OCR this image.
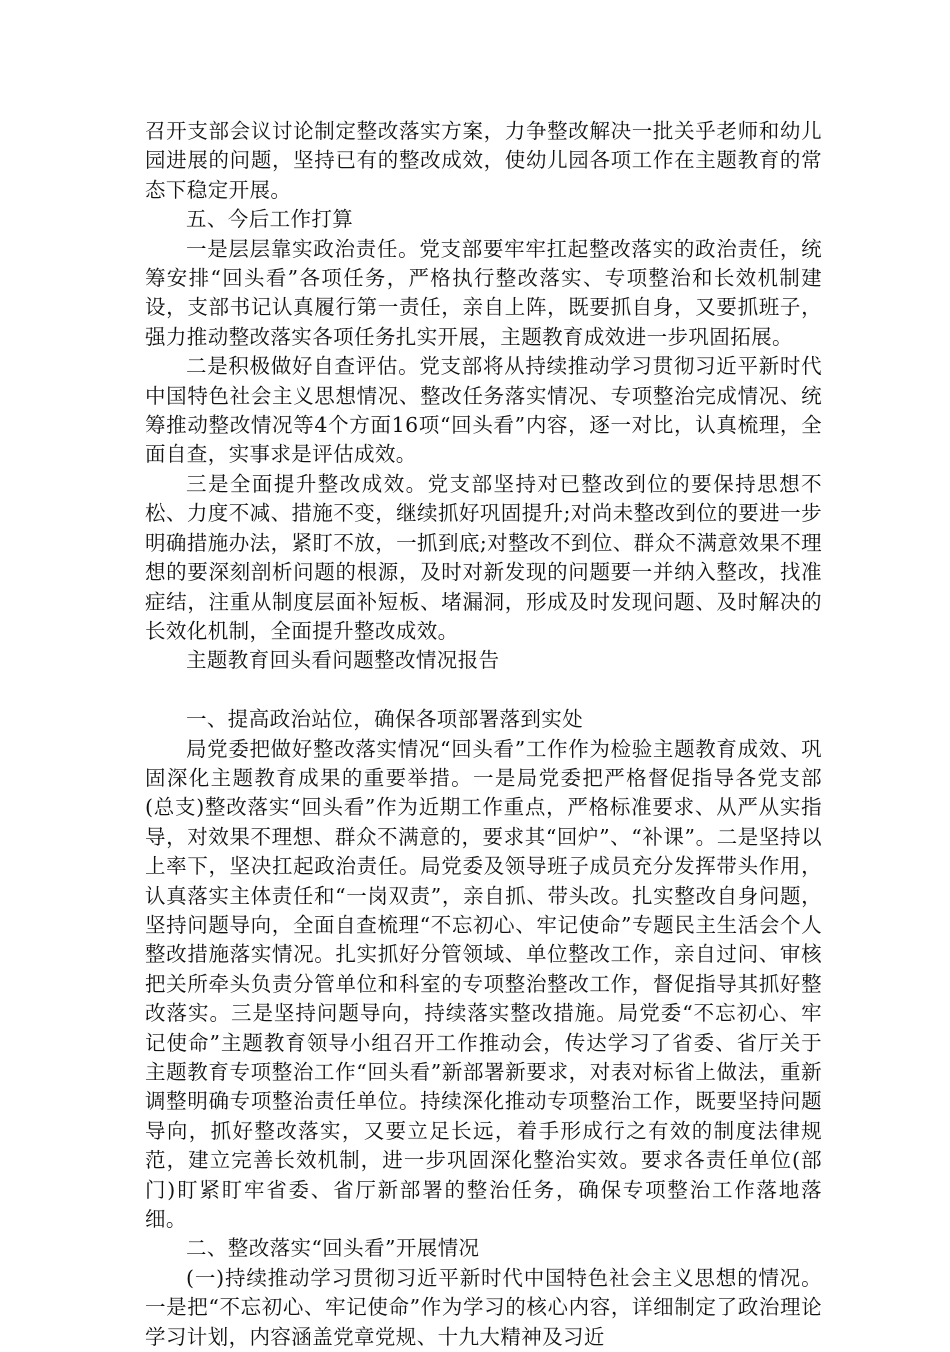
召开支部会议讨论制定整改落实方案，力争整改解决一批关乎老师和幼儿园进展的问题，坚持已有的整改成效，使幼儿园各项工作在主题教育的常态下稳定开展。

五、今后工作打算

一是层层靠实政治责任。党支部要牢牢扛起整改落实的政治责任，统筹安排“回头看”各项任务，严格执行整改落实、专项整治和长效机制建设，支部书记认真履行第一责任，亲自上阵，既要抓自身，又要抓班子，强力推动整改落实各项任务扎实开展，主题教育成效进一步巩固拓展。

二是积极做好自查评估。党支部将从持续推动学习贯彻习近平新时代中国特色社会主义思想情况、整改任务落实情况、专项整治完成情况、统筹推动整改情况等4个方面16项“回头看”内容，逐一对比，认真梳理，全面自查，实事求是评估成效。

三是全面提升整改成效。党支部坚持对已整改到位的要保持思想不松、力度不减、措施不变，继续抓好巩固提升;对尚未整改到位的要进一步明确措施办法，紧盯不放，一抓到底;对整改不到位、群众不满意效果不理想的要深刻剖析问题的根源，及时对新发现的问题要一并纳入整改，找准症结，注重从制度层面补短板、堵漏洞，形成及时发现问题、及时解决的长效化机制，全面提升整改成效。

主题教育回头看问题整改情况报告

一、提高政治站位，确保各项部署落到实处

局党委把做好整改落实情况“回头看”工作作为检验主题教育成效、巩固深化主题教育成果的重要举措。一是局党委把严格督促指导各党支部(总支)整改落实“回头看”作为近期工作重点，严格标准要求、从严从实指导，对效果不理想、群众不满意的，要求其“回炉”、“补课”。二是坚持以上率下，坚决扛起政治责任。局党委及领导班子成员充分发挥带头作用，认真落实主体责任和“一岗双责”，亲自抓、带头改。扎实整改自身问题，坚持问题导向，全面自查梳理“不忘初心、牢记使命”专题民主生活会个人整改措施落实情况。扎实抓好分管领域、单位整改工作，亲自过问、审核把关所牵头负责分管单位和科室的专项整治整改工作，督促指导其抓好整改落实。三是坚持问题导向，持续落实整改措施。局党委“不忘初心、牢记使命”主题教育领导小组召开工作推动会，传达学习了省委、省厅关于主题教育专项整治工作“回头看”新部署新要求，对表对标省上做法，重新调整明确专项整治责任单位。持续深化推动专项整治工作，既要坚持问题导向，抓好整改落实，又要立足长远，着手形成行之有效的制度法律规范，建立完善长效机制，进一步巩固深化整治实效。要求各责任单位(部门)盯紧盯牢省委、省厅新部署的整治任务，确保专项整治工作落地落细。

二、整改落实“回头看”开展情况

(一)持续推动学习贯彻习近平新时代中国特色社会主义思想的情况。一是把“不忘初心、牢记使命”作为学习的核心内容，详细制定了政治理论学习计划，内容涵盖党章党规、十九大精神及习近
